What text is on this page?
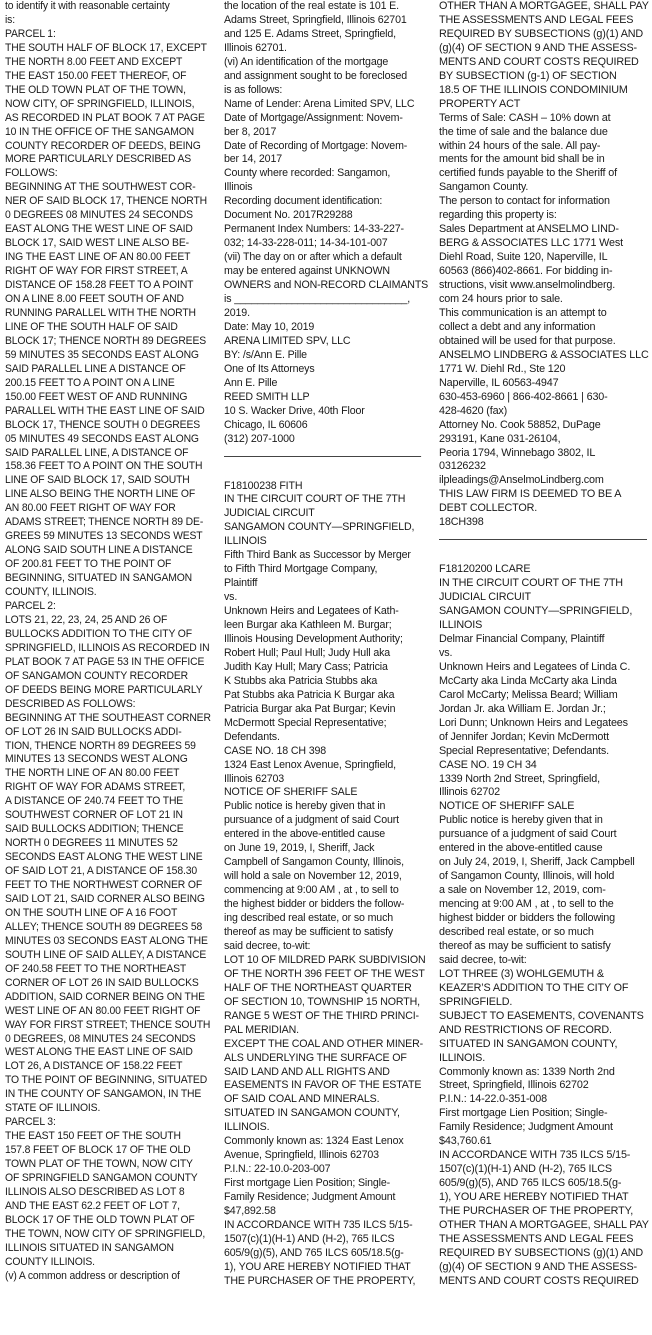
to identify it with reasonable certainty
is:
PARCEL 1:
THE SOUTH HALF OF BLOCK 17, EXCEPT
THE NORTH 8.00 FEET AND EXCEPT
THE EAST 150.00 FEET THEREOF, OF
THE OLD TOWN PLAT OF THE TOWN,
NOW CITY, OF SPRINGFIELD, ILLINOIS,
AS RECORDED IN PLAT BOOK 7 AT PAGE
10 IN THE OFFICE OF THE SANGAMON
COUNTY RECORDER OF DEEDS, BEING
MORE PARTICULARLY DESCRIBED AS
FOLLOWS:
BEGINNING AT THE SOUTHWEST COR-
NER OF SAID BLOCK 17, THENCE NORTH
0 DEGREES 08 MINUTES 24 SECONDS
EAST ALONG THE WEST LINE OF SAID
BLOCK 17, SAID WEST LINE ALSO BE-
ING THE EAST LINE OF AN 80.00 FEET
RIGHT OF WAY FOR FIRST STREET, A
DISTANCE OF 158.28 FEET TO A POINT
ON A LINE 8.00 FEET SOUTH OF AND
RUNNING PARALLEL WITH THE NORTH
LINE OF THE SOUTH HALF OF SAID
BLOCK 17; THENCE NORTH 89 DEGREES
59 MINUTES 35 SECONDS EAST ALONG
SAID PARALLEL LINE A DISTANCE OF
200.15 FEET TO A POINT ON A LINE
150.00 FEET WEST OF AND RUNNING
PARALLEL WITH THE EAST LINE OF SAID
BLOCK 17, THENCE SOUTH 0 DEGREES
05 MINUTES 49 SECONDS EAST ALONG
SAID PARALLEL LINE, A DISTANCE OF
158.36 FEET TO A POINT ON THE SOUTH
LINE OF SAID BLOCK 17, SAID SOUTH
LINE ALSO BEING THE NORTH LINE OF
AN 80.00 FEET RIGHT OF WAY FOR
ADAMS STREET; THENCE NORTH 89 DE-
GREES 59 MINUTES 13 SECONDS WEST
ALONG SAID SOUTH LINE A DISTANCE
OF 200.81 FEET TO THE POINT OF
BEGINNING, SITUATED IN SANGAMON
COUNTY, ILLINOIS.
PARCEL 2:
LOTS 21, 22, 23, 24, 25 AND 26 OF
BULLOCKS ADDITION TO THE CITY OF
SPRINGFIELD, ILLINOIS AS RECORDED IN
PLAT BOOK 7 AT PAGE 53 IN THE OFFICE
OF SANGAMON COUNTY RECORDER
OF DEEDS BEING MORE PARTICULARLY
DESCRIBED AS FOLLOWS:
BEGINNING AT THE SOUTHEAST CORNER
OF LOT 26 IN SAID BULLOCKS ADDI-
TION, THENCE NORTH 89 DEGREES 59
MINUTES 13 SECONDS WEST ALONG
THE NORTH LINE OF AN 80.00 FEET
RIGHT OF WAY FOR ADAMS STREET,
A DISTANCE OF 240.74 FEET TO THE
SOUTHWEST CORNER OF LOT 21 IN
SAID BULLOCKS ADDITION; THENCE
NORTH 0 DEGREES 11 MINUTES 52
SECONDS EAST ALONG THE WEST LINE
OF SAID LOT 21, A DISTANCE OF 158.30
FEET TO THE NORTHWEST CORNER OF
SAID LOT 21, SAID CORNER ALSO BEING
ON THE SOUTH LINE OF A 16 FOOT
ALLEY; THENCE SOUTH 89 DEGREES 58
MINUTES 03 SECONDS EAST ALONG THE
SOUTH LINE OF SAID ALLEY, A DISTANCE
OF 240.58 FEET TO THE NORTHEAST
CORNER OF LOT 26 IN SAID BULLOCKS
ADDITION, SAID CORNER BEING ON THE
WEST LINE OF AN 80.00 FEET RIGHT OF
WAY FOR FIRST STREET; THENCE SOUTH
0 DEGREES, 08 MINUTES 24 SECONDS
WEST ALONG THE EAST LINE OF SAID
LOT 26, A DISTANCE OF 158.22 FEET
TO THE POINT OF BEGINNING, SITUATED
IN THE COUNTY OF SANGAMON, IN THE
STATE OF ILLINOIS.
PARCEL 3:
THE EAST 150 FEET OF THE SOUTH
157.8 FEET OF BLOCK 17 OF THE OLD
TOWN PLAT OF THE TOWN, NOW CITY
OF SPRINGFIELD SANGAMON COUNTY
ILLINOIS ALSO DESCRIBED AS LOT 8
AND THE EAST 62.2 FEET OF LOT 7,
BLOCK 17 OF THE OLD TOWN PLAT OF
THE TOWN, NOW CITY OF SPRINGFIELD,
ILLINOIS SITUATED IN SANGAMON
COUNTY ILLINOIS.
(v) A common address or description of
the location of the real estate is 101 E.
Adams Street, Springfield, Illinois 62701
and 125 E. Adams Street, Springfield,
Illinois 62701.
(vi) An identification of the mortgage
and assignment sought to be foreclosed
is as follows:
Name of Lender: Arena Limited SPV, LLC
Date of Mortgage/Assignment: Novem-
ber 8, 2017
Date of Recording of Mortgage: Novem-
ber 14, 2017
County where recorded: Sangamon,
Illinois
Recording document identification:
Document No. 2017R29288
Permanent Index Numbers: 14-33-227-
032; 14-33-228-011; 14-34-101-007
(vii) The day on or after which a default
may be entered against UNKNOWN
OWNERS and NON-RECORD CLAIMANTS
is ______________________________,
2019.
Date: May 10, 2019
ARENA LIMITED SPV, LLC
BY: /s/Ann E. Pille
One of Its Attorneys
Ann E. Pille
REED SMITH LLP
10 S. Wacker Drive, 40th Floor
Chicago, IL 60606
(312) 207-1000
F18100238 FITH
IN THE CIRCUIT COURT OF THE 7TH
JUDICIAL CIRCUIT
SANGAMON COUNTY—SPRINGFIELD,
ILLINOIS
Fifth Third Bank as Successor by Merger
to Fifth Third Mortgage Company,
Plaintiff
vs.
Unknown Heirs and Legatees of Kath-
leen Burgar aka Kathleen M. Burgar;
Illinois Housing Development Authority;
Robert Hull; Paul Hull; Judy Hull aka
Judith Kay Hull; Mary Cass; Patricia
K Stubbs aka Patricia Stubbs aka
Pat Stubbs aka Patricia K Burgar aka
Patricia Burgar aka Pat Burgar; Kevin
McDermott Special Representative;
Defendants.
CASE NO. 18 CH 398
1324 East Lenox Avenue, Springfield,
Illinois 62703
NOTICE OF SHERIFF SALE
Public notice is hereby given that in
pursuance of a judgment of said Court
entered in the above-entitled cause
on June 19, 2019, I, Sheriff, Jack
Campbell of Sangamon County, Illinois,
will hold a sale on November 12, 2019,
commencing at 9:00 AM , at , to sell to
the highest bidder or bidders the follow-
ing described real estate, or so much
thereof as may be sufficient to satisfy
said decree, to-wit:
LOT 10 OF MILDRED PARK SUBDIVISION
OF THE NORTH 396 FEET OF THE WEST
HALF OF THE NORTHEAST QUARTER
OF SECTION 10, TOWNSHIP 15 NORTH,
RANGE 5 WEST OF THE THIRD PRINCI-
PAL MERIDIAN.
EXCEPT THE COAL AND OTHER MINER-
ALS UNDERLYING THE SURFACE OF
SAID LAND AND ALL RIGHTS AND
EASEMENTS IN FAVOR OF THE ESTATE
OF SAID COAL AND MINERALS.
SITUATED IN SANGAMON COUNTY,
ILLINOIS.
Commonly known as: 1324 East Lenox
Avenue, Springfield, Illinois 62703
P.I.N.: 22-10.0-203-007
First mortgage Lien Position; Single-
Family Residence; Judgment Amount
$47,892.58
IN ACCORDANCE WITH 735 ILCS 5/15-
1507(c)(1)(H-1) AND (H-2), 765 ILCS
605/9(g)(5), AND 765 ILCS 605/18.5(g-
1), YOU ARE HEREBY NOTIFIED THAT
THE PURCHASER OF THE PROPERTY,
OTHER THAN A MORTGAGEE, SHALL PAY
THE ASSESSMENTS AND LEGAL FEES
REQUIRED BY SUBSECTIONS (g)(1) AND
(g)(4) OF SECTION 9 AND THE ASSESS-
MENTS AND COURT COSTS REQUIRED
BY SUBSECTION (g-1) OF SECTION
18.5 OF THE ILLINOIS CONDOMINIUM
PROPERTY ACT
Terms of Sale: CASH – 10% down at
the time of sale and the balance due
within 24 hours of the sale. All pay-
ments for the amount bid shall be in
certified funds payable to the Sheriff of
Sangamon County.
The person to contact for information
regarding this property is:
Sales Department at ANSELMO LIND-
BERG & ASSOCIATES LLC 1771 West
Diehl Road, Suite 120, Naperville, IL
60563 (866)402-8661. For bidding in-
structions, visit www.anselmolindberg.
com 24 hours prior to sale.
This communication is an attempt to
collect a debt and any information
obtained will be used for that purpose.
ANSELMO LINDBERG & ASSOCIATES LLC
1771 W. Diehl Rd., Ste 120
Naperville, IL 60563-4947
630-453-6960 | 866-402-8661 | 630-
428-4620 (fax)
Attorney No. Cook 58852, DuPage
293191, Kane 031-26104,
Peoria 1794, Winnebago 3802, IL
03126232
ilpleadings@AnselmoLindberg.com
THIS LAW FIRM IS DEEMED TO BE A
DEBT COLLECTOR.
18CH398
F18120200 LCARE
IN THE CIRCUIT COURT OF THE 7TH
JUDICIAL CIRCUIT
SANGAMON COUNTY—SPRINGFIELD,
ILLINOIS
Delmar Financial Company, Plaintiff
vs.
Unknown Heirs and Legatees of Linda C.
McCarty aka Linda McCarty aka Linda
Carol McCarty; Melissa Beard; William
Jordan Jr. aka William E. Jordan Jr.;
Lori Dunn; Unknown Heirs and Legatees
of Jennifer Jordan; Kevin McDermott
Special Representative; Defendants.
CASE NO. 19 CH 34
1339 North 2nd Street, Springfield,
Illinois 62702
NOTICE OF SHERIFF SALE
Public notice is hereby given that in
pursuance of a judgment of said Court
entered in the above-entitled cause
on July 24, 2019, I, Sheriff, Jack Campbell
of Sangamon County, Illinois, will hold
a sale on November 12, 2019, com-
mencing at 9:00 AM , at , to sell to the
highest bidder or bidders the following
described real estate, or so much
thereof as may be sufficient to satisfy
said decree, to-wit:
LOT THREE (3) WOHLGEMUTH &
KEAZER’S ADDITION TO THE CITY OF
SPRINGFIELD.
SUBJECT TO EASEMENTS, COVENANTS
AND RESTRICTIONS OF RECORD.
SITUATED IN SANGAMON COUNTY,
ILLINOIS.
Commonly known as: 1339 North 2nd
Street, Springfield, Illinois 62702
P.I.N.: 14-22.0-351-008
First mortgage Lien Position; Single-
Family Residence; Judgment Amount
$43,760.61
IN ACCORDANCE WITH 735 ILCS 5/15-
1507(c)(1)(H-1) AND (H-2), 765 ILCS
605/9(g)(5), AND 765 ILCS 605/18.5(g-
1), YOU ARE HEREBY NOTIFIED THAT
THE PURCHASER OF THE PROPERTY,
OTHER THAN A MORTGAGEE, SHALL PAY
THE ASSESSMENTS AND LEGAL FEES
REQUIRED BY SUBSECTIONS (g)(1) AND
(g)(4) OF SECTION 9 AND THE ASSESS-
MENTS AND COURT COSTS REQUIRED
